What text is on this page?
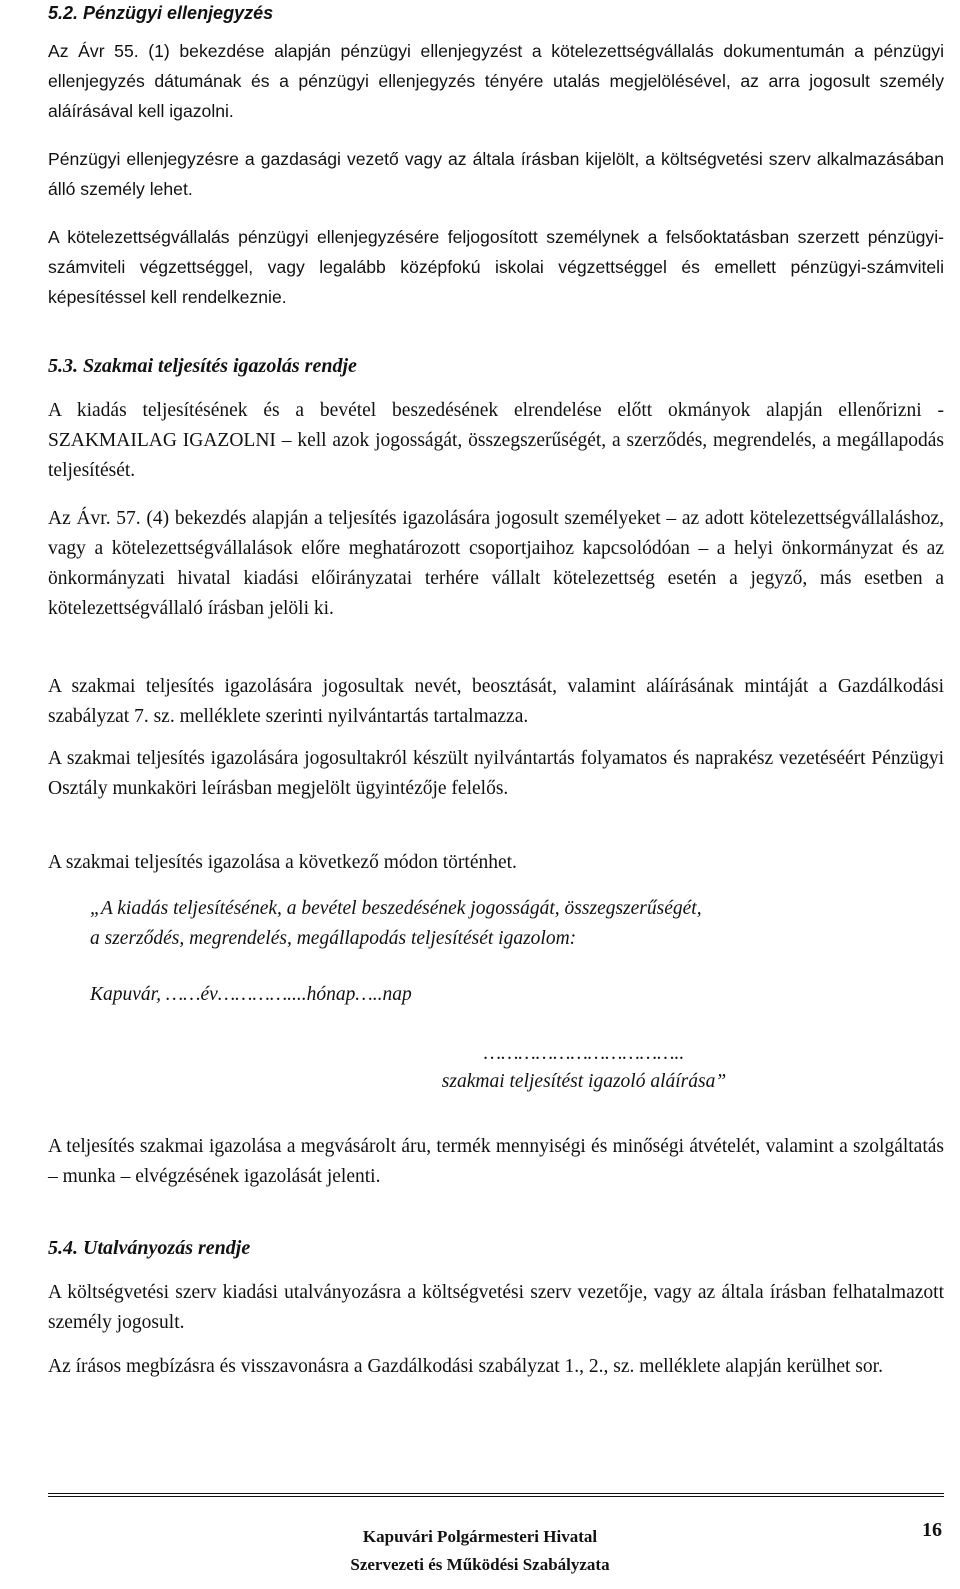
5.2. Pénzügyi ellenjegyzés

Az Ávr 55. (1) bekezdése alapján pénzügyi ellenjegyzést a kötelezettségvállalás dokumentumán a pénzügyi ellenjegyzés dátumának és a pénzügyi ellenjegyzés tényére utalás megjelölésével, az arra jogosult személy aláírásával kell igazolni.

Pénzügyi ellenjegyzésre a gazdasági vezető vagy az általa írásban kijelölt, a költségvetési szerv alkalmazásában álló személy lehet.

A kötelezettségvállalás pénzügyi ellenjegyzésére feljogosított személynek a felsőoktatásban szerzett pénzügyi-számviteli végzettséggel, vagy legalább középfokú iskolai végzettséggel és emellett pénzügyi-számviteli képesítéssel kell rendelkeznie.

5.3. Szakmai teljesítés igazolás rendje

A kiadás teljesítésének és a bevétel beszedésének elrendelése előtt okmányok alapján ellenőrizni - SZAKMAILAG IGAZOLNI – kell azok jogosságát, összegszerűségét, a szerződés, megrendelés, a megállapodás teljesítését.

Az Ávr. 57. (4) bekezdés alapján a teljesítés igazolására jogosult személyeket – az adott kötelezettségvállaláshoz, vagy a kötelezettségvállalások előre meghatározott csoportjaihoz kapcsolódóan – a helyi önkormányzat és az önkormányzati hivatal kiadási előirányzatai terhére vállalt kötelezettség esetén a jegyző, más esetben a kötelezettségvállaló írásban jelöli ki.

A szakmai teljesítés igazolására jogosultak nevét, beosztását, valamint aláírásának mintáját a Gazdálkodási szabályzat 7. sz. melléklete szerinti nyilvántartás tartalmazza.

A szakmai teljesítés igazolására jogosultakról készült nyilvántartás folyamatos és naprakész vezetéséért Pénzügyi Osztály munkaköri leírásban megjelölt ügyintézője felelős.

A szakmai teljesítés igazolása a következő módon történhet.

„A kiadás teljesítésének, a bevétel beszedésének jogosságát, összegszerűségét,

a szerződés, megrendelés, megállapodás teljesítését igazolom:

Kapuvár, ……év…………....hónap…..nap

……………………………..

szakmai teljesítést igazoló aláírása”

A teljesítés szakmai igazolása a megvásárolt áru, termék mennyiségi és minőségi átvételét, valamint a szolgáltatás – munka – elvégzésének igazolását jelenti.

5.4. Utalványozás rendje

A költségvetési szerv kiadási utalványozásra a költségvetési szerv vezetője, vagy az általa írásban felhatalmazott személy jogosult.

Az írásos megbízásra és visszavonásra a Gazdálkodási szabályzat 1., 2., sz. melléklete alapján kerülhet sor.

Kapuvári Polgármesteri Hivatal

Szervezeti és Működési Szabályzata

16
